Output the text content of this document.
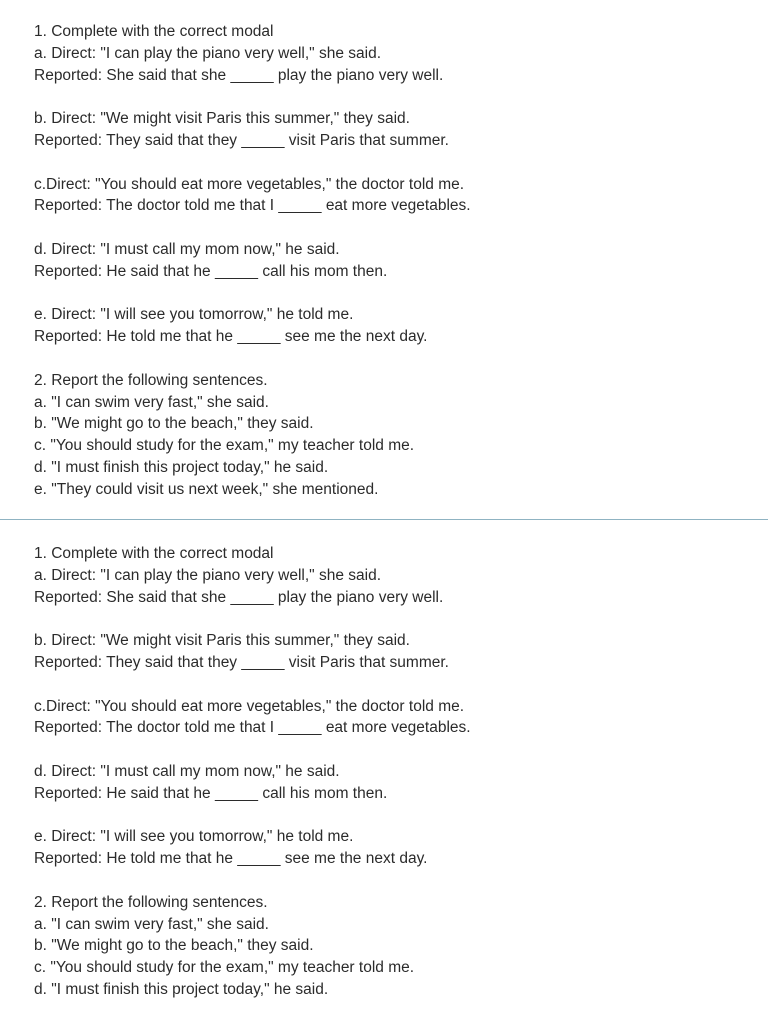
1. Complete with the correct modal
a. Direct: "I can play the piano very well," she said.
Reported: She said that she _____ play the piano very well.
b. Direct: "We might visit Paris this summer," they said.
Reported: They said that they _____ visit Paris that summer.
c.Direct: "You should eat more vegetables," the doctor told me.
Reported: The doctor told me that I _____ eat more vegetables.
d. Direct: "I must call my mom now," he said.
Reported: He said that he _____ call his mom then.
e. Direct: "I will see you tomorrow," he told me.
Reported: He told me that he _____ see me the next day.
2. Report the following sentences.
a. "I can swim very fast," she said.
b. "We might go to the beach," they said.
c. "You should study for the exam," my teacher told me.
d. "I must finish this project today," he said.
e. "They could visit us next week," she mentioned.
1. Complete with the correct modal
a. Direct: "I can play the piano very well," she said.
Reported: She said that she _____ play the piano very well.
b. Direct: "We might visit Paris this summer," they said.
Reported: They said that they _____ visit Paris that summer.
c.Direct: "You should eat more vegetables," the doctor told me.
Reported: The doctor told me that I _____ eat more vegetables.
d. Direct: "I must call my mom now," he said.
Reported: He said that he _____ call his mom then.
e. Direct: "I will see you tomorrow," he told me.
Reported: He told me that he _____ see me the next day.
2. Report the following sentences.
a. "I can swim very fast," she said.
b. "We might go to the beach," they said.
c. "You should study for the exam," my teacher told me.
d. "I must finish this project today," he said.
